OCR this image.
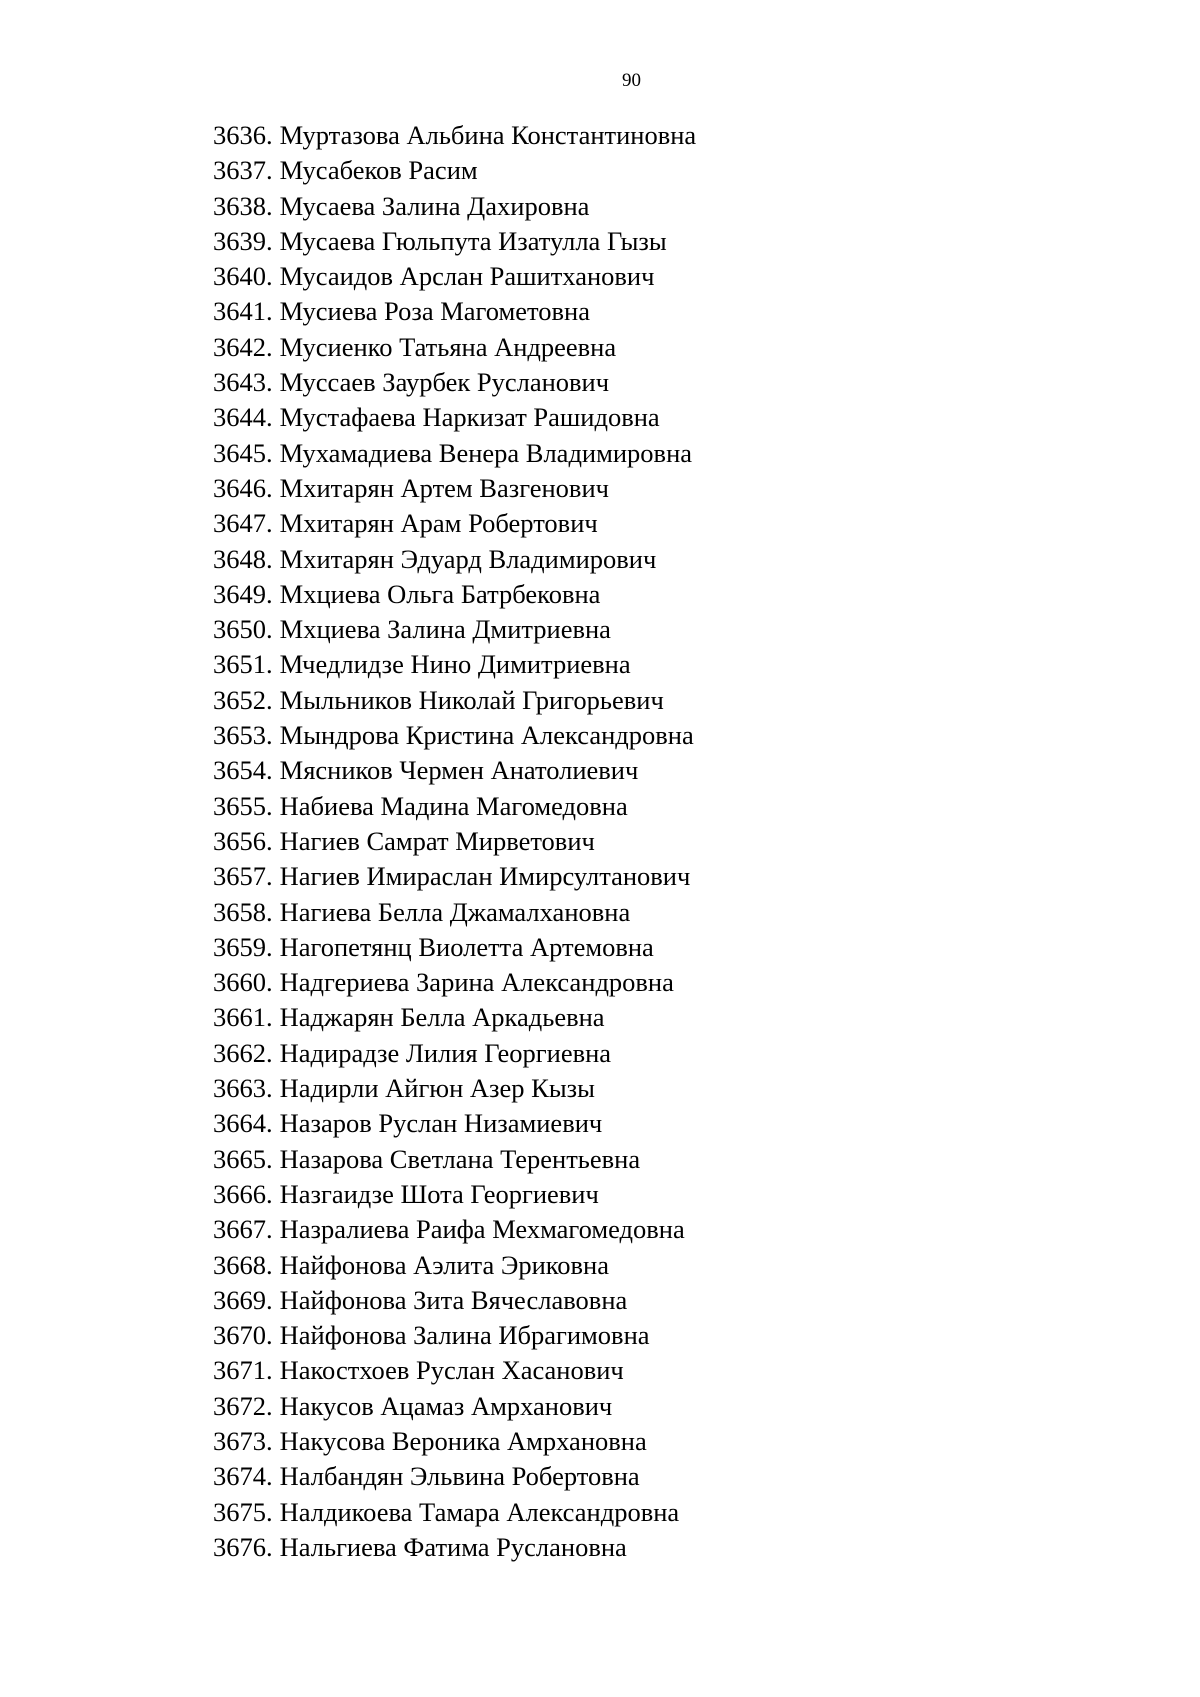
90
3636. Муртазова Альбина Константиновна
3637. Мусабеков Расим
3638. Мусаева Залина Дахировна
3639. Мусаева Гюльпута Изатулла Гызы
3640. Мусаидов Арслан Рашитханович
3641. Мусиева Роза Магометовна
3642. Мусиенко Татьяна Андреевна
3643. Муссаев Заурбек Русланович
3644. Мустафаева Наркизат Рашидовна
3645. Мухамадиева Венера Владимировна
3646. Мхитарян Артем Вазгенович
3647. Мхитарян Арам Робертович
3648. Мхитарян Эдуард Владимирович
3649. Мхциева Ольга Батрбековна
3650. Мхциева Залина Дмитриевна
3651. Мчедлидзе Нино Димитриевна
3652. Мыльников Николай Григорьевич
3653. Мындрова Кристина Александровна
3654. Мясников Чермен Анатолиевич
3655. Набиева Мадина Магомедовна
3656. Нагиев Самрат Мирветович
3657. Нагиев Имираслан Имирсултанович
3658. Нагиева Белла Джамалхановна
3659. Нагопетянц Виолетта Артемовна
3660. Надгериева Зарина Александровна
3661. Наджарян Белла Аркадьевна
3662. Надирадзе Лилия Георгиевна
3663. Надирли Айгюн Азер Кызы
3664. Назаров Руслан Низамиевич
3665. Назарова Светлана Терентьевна
3666. Назгаидзе Шота Георгиевич
3667. Назралиева Раифа Мехмагомедовна
3668. Найфонова Аэлита Эриковна
3669. Найфонова Зита Вячеславовна
3670. Найфонова Залина Ибрагимовна
3671. Накостхоев Руслан Хасанович
3672. Накусов Ацамаз Амрханович
3673. Накусова Вероника Амрхановна
3674. Налбандян Эльвина Робертовна
3675. Налдикоева Тамара Александровна
3676. Нальгиева Фатима Руслановна
